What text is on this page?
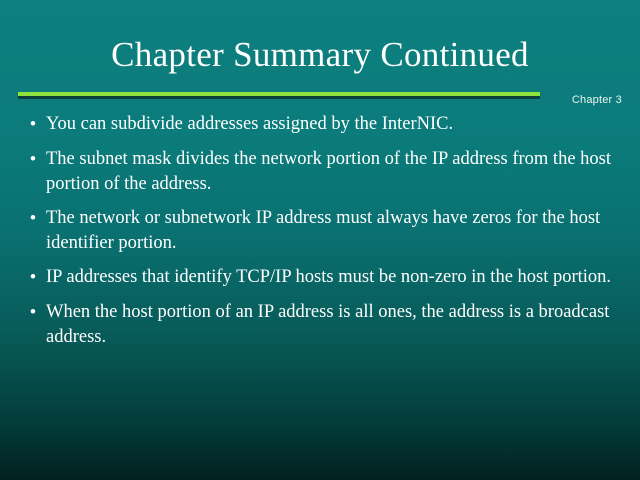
Chapter Summary Continued
Chapter 3
• You can subdivide addresses assigned by the InterNIC.
• The subnet mask divides the network portion of the IP address from the host portion of the address.
• The network or subnetwork IP address must always have zeros for the host identifier portion.
• IP addresses that identify TCP/IP hosts must be non-zero in the host portion.
• When the host portion of an IP address is all ones, the address is a broadcast address.
